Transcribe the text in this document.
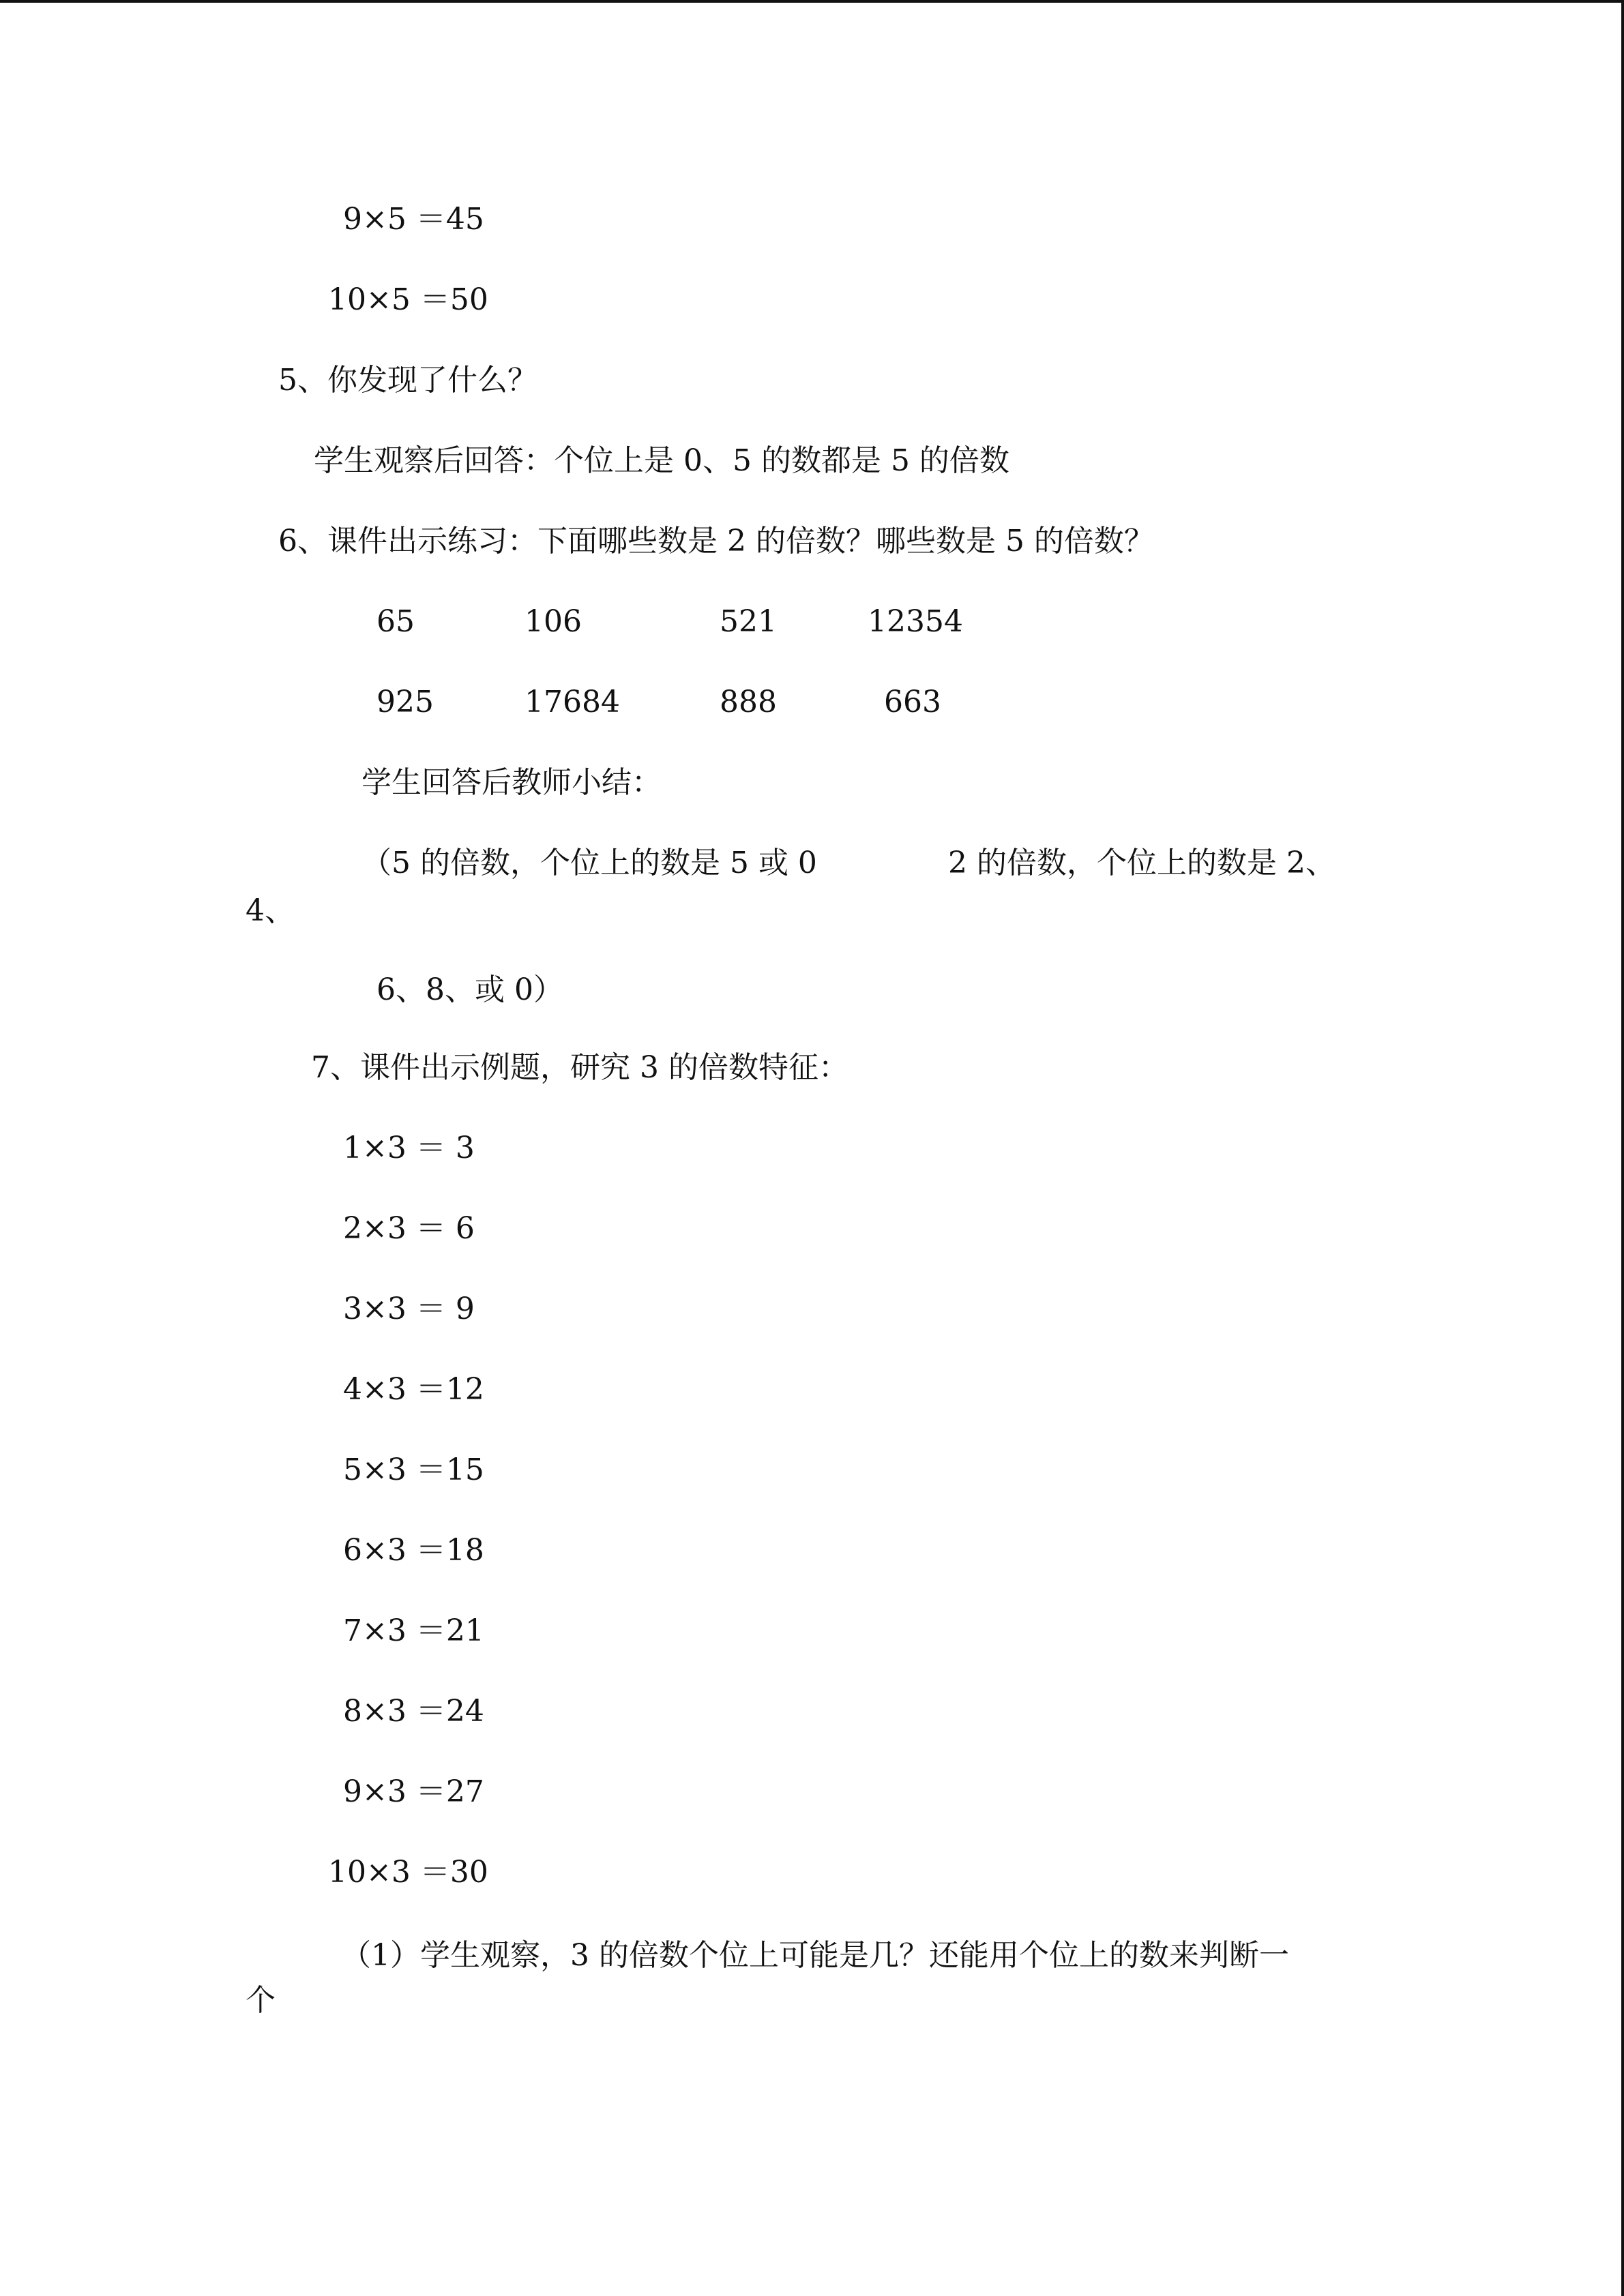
9×5 ＝45
10×5 ＝50
5、你发现了什么？
学生观察后回答：个位上是 0、5 的数都是 5 的倍数
6、课件出示练习：下面哪些数是 2 的倍数？哪些数是 5 的倍数？
65	106	521	12354
925	17684	888	663
学生回答后教师小结：
（5 的倍数，个位上的数是 5 或 0	2 的倍数，个位上的数是 2、
4、
6、8、或 0）
7、课件出示例题，研究 3 的倍数特征：
1×3 ＝ 3
2×3 ＝ 6
3×3 ＝ 9
4×3 ＝12
5×3 ＝15
6×3 ＝18
7×3 ＝21
8×3 ＝24
9×3 ＝27
10×3 ＝30
（1）学生观察，3 的倍数个位上可能是几？还能用个位上的数来判断一
个
